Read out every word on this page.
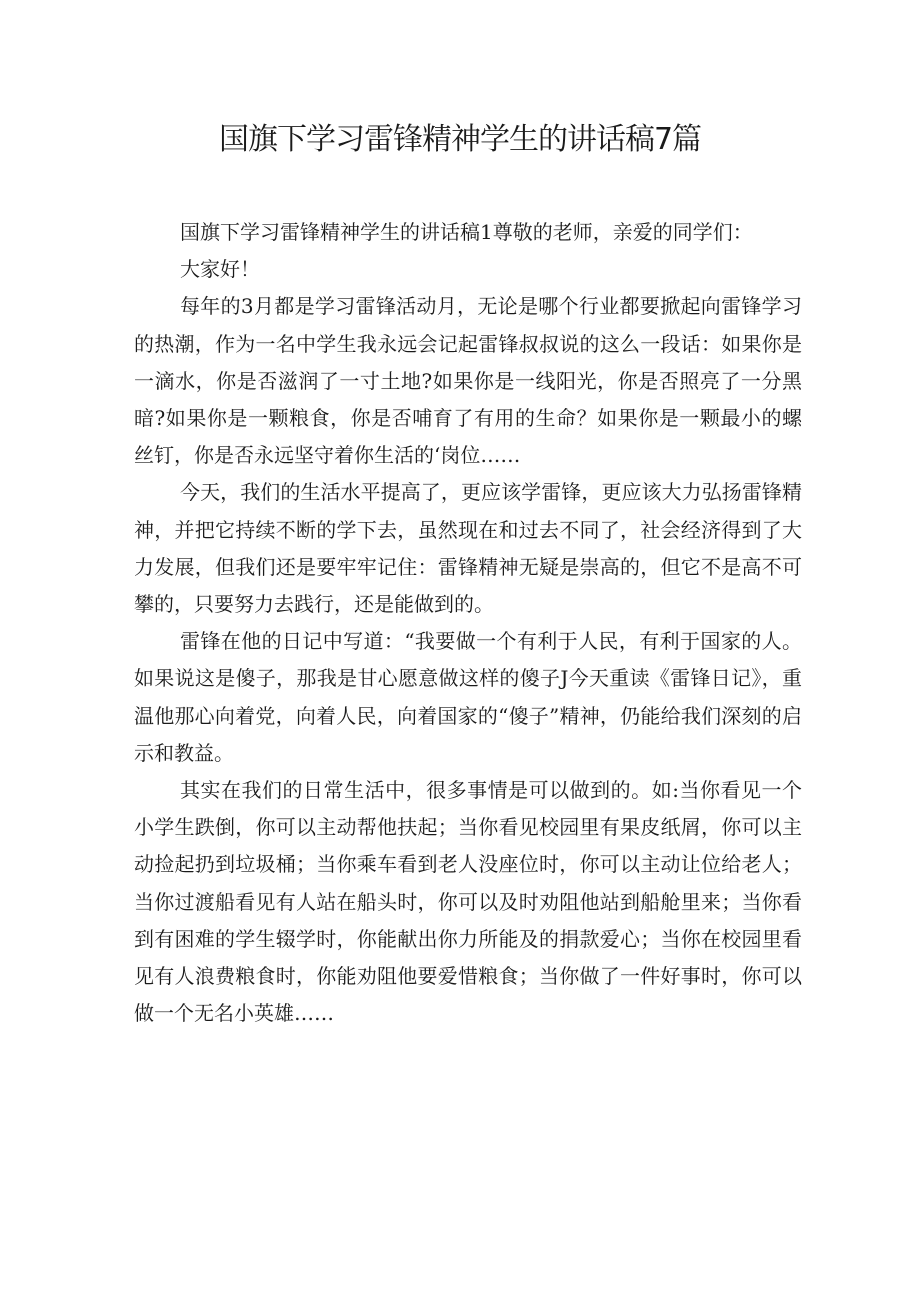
国旗下学习雷锋精神学生的讲话稿7篇

国旗下学习雷锋精神学生的讲话稿1尊敬的老师，亲爱的同学们：

大家好！

每年的3月都是学习雷锋活动月，无论是哪个行业都要掀起向雷锋学习的热潮，作为一名中学生我永远会记起雷锋叔叔说的这么一段话：如果你是一滴水，你是否滋润了一寸土地?如果你是一线阳光，你是否照亮了一分黑暗?如果你是一颗粮食，你是否哺育了有用的生命？如果你是一颗最小的螺丝钉，你是否永远坚守着你生活的‘岗位……

今天，我们的生活水平提高了，更应该学雷锋，更应该大力弘扬雷锋精神，并把它持续不断的学下去，虽然现在和过去不同了，社会经济得到了大力发展，但我们还是要牢牢记住：雷锋精神无疑是崇高的，但它不是高不可攀的，只要努力去践行，还是能做到的。

雷锋在他的日记中写道：“我要做一个有利于人民，有利于国家的人。如果说这是傻子，那我是甘心愿意做这样的傻子J今天重读《雷锋日记》，重温他那心向着党，向着人民，向着国家的“傻子”精神，仍能给我们深刻的启示和教益。

其实在我们的日常生活中，很多事情是可以做到的。如:当你看见一个小学生跌倒，你可以主动帮他扶起；当你看见校园里有果皮纸屑，你可以主动捡起扔到垃圾桶；当你乘车看到老人没座位时，你可以主动让位给老人；当你过渡船看见有人站在船头时，你可以及时劝阻他站到船舱里来；当你看到有困难的学生辍学时，你能献出你力所能及的捐款爱心；当你在校园里看见有人浪费粮食时，你能劝阻他要爱惜粮食；当你做了一件好事时，你可以做一个无名小英雄……
